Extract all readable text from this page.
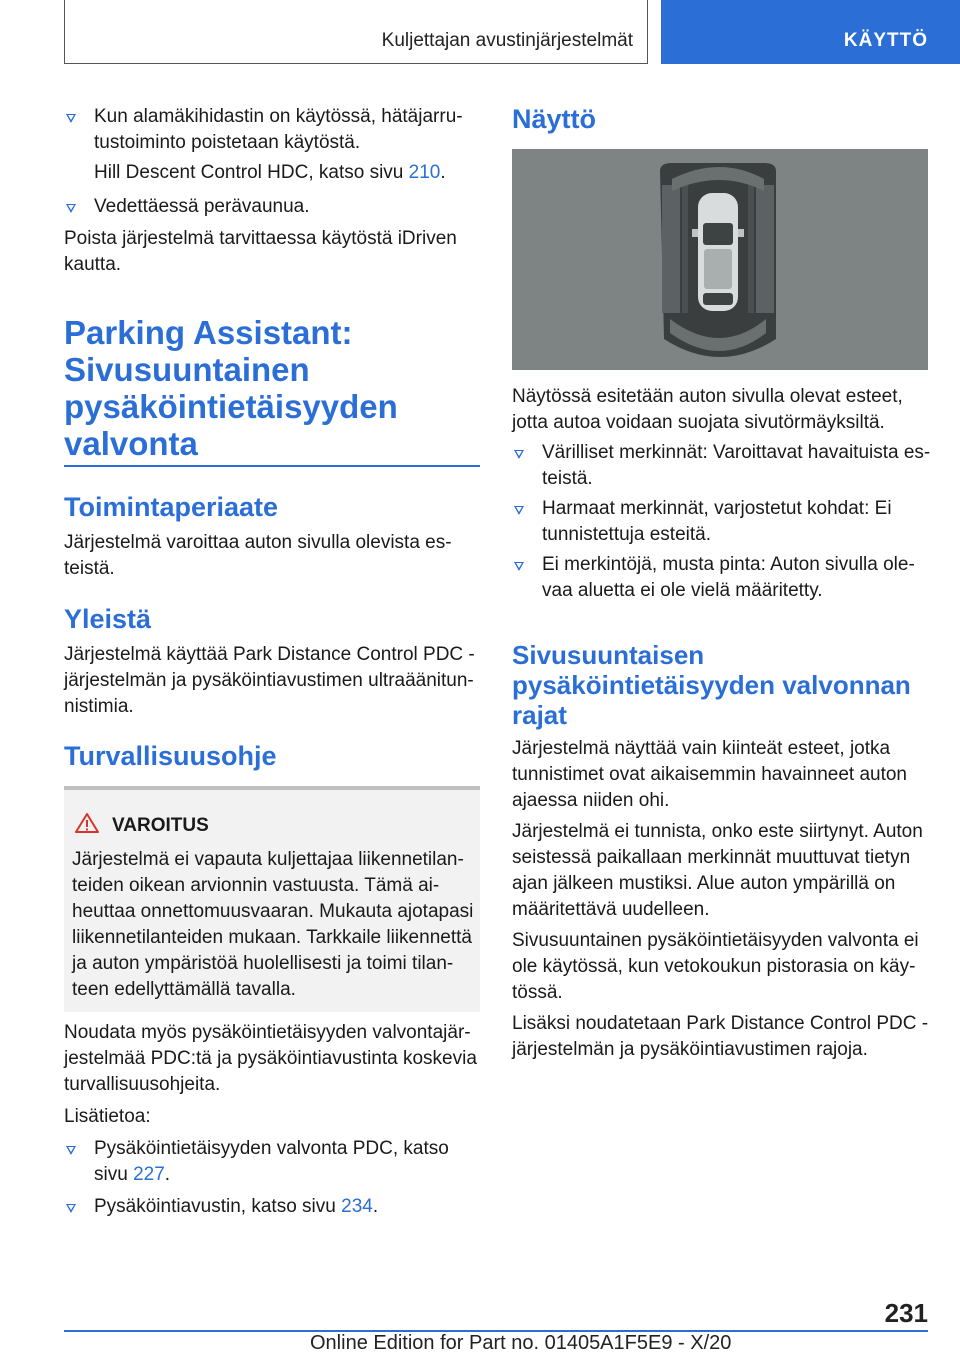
Kuljettajan avustinjärjestelmät	KÄYTTÖ
Kun alamäkihidastin on käytössä, hätäjarru-
tustoiminto poistetaan käytöstä.
Hill Descent Control HDC, katso sivu 210.
Vedettäessä perävaunua.
Poista järjestelmä tarvittaessa käytöstä iDriven
kautta.
Parking Assistant:
Sivusuuntainen
pysäköintietäisyyden
valvonta
Toimintaperiaate
Järjestelmä varoittaa auton sivulla olevista es-
teistä.
Yleistä
Järjestelmä käyttää Park Distance Control PDC -
järjestelmän ja pysäköintiavustimen ultraäänitun-
nistimia.
Turvallisuusohje
VAROITUS
Järjestelmä ei vapauta kuljettajaa liikennetilan-
teiden oikean arvionnin vastuusta. Tämä ai-
heuttaa onnettomuusvaaran. Mukauta ajotapasi
liikennetilanteiden mukaan. Tarkkaile liikennettä
ja auton ympäristöä huolellisesti ja toimi tilan-
teen edellyttämällä tavalla.
Noudata myös pysäköintietäisyyden valvontajär-
jestelmää PDC:tä ja pysäköintiavustinta koskevia
turvallisuusohjeita.
Lisätietoa:
Pysäköintietäisyyden valvonta PDC, katso
sivu 227.
Pysäköintiavustin, katso sivu 234.
Näyttö
Näytössä esitetään auton sivulla olevat esteet,
jotta autoa voidaan suojata sivutörmäyksiltä.
Värilliset merkinnät: Varoittavat havaituista es-
teistä.
Harmaat merkinnät, varjostetut kohdat: Ei
tunnistettuja esteitä.
Ei merkintöjä, musta pinta: Auton sivulla ole-
vaa aluetta ei ole vielä määritetty.
Sivusuuntaisen
pysäköintietäisyyden valvonnan
rajat
Järjestelmä näyttää vain kiinteät esteet, jotka
tunnistimet ovat aikaisemmin havainneet auton
ajaessa niiden ohi.
Järjestelmä ei tunnista, onko este siirtynyt. Auton
seistessä paikallaan merkinnät muuttuvat tietyn
ajan jälkeen mustiksi. Alue auton ympärillä on
määritettävä uudelleen.
Sivusuuntainen pysäköintietäisyyden valvonta ei
ole käytössä, kun vetokoukun pistorasia on käy-
tössä.
Lisäksi noudatetaan Park Distance Control PDC -
järjestelmän ja pysäköintiavustimen rajoja.
231
Online Edition for Part no. 01405A1F5E9 - X/20
